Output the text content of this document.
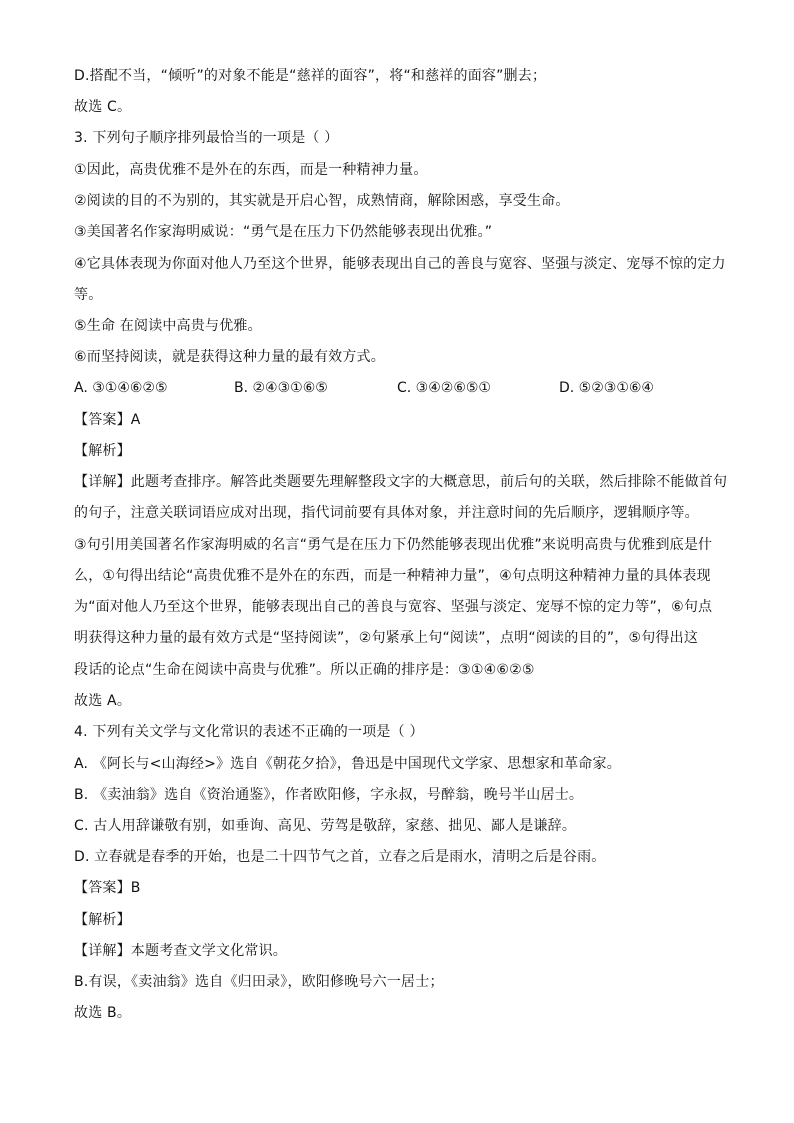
D.搭配不当，“倾听”的对象不能是“慈祥的面容”，将“和慈祥的面容”删去；
故选 C。
3. 下列句子顺序排列最恰当的一项是（ ）
①因此，高贵优雅不是外在的东西，而是一种精神力量。
②阅读的目的不为别的，其实就是开启心智，成熟情商，解除困惑，享受生命。
③美国著名作家海明威说：“勇气是在压力下仍然能够表现出优雅。”
④它具体表现为你面对他人乃至这个世界，能够表现出自己的善良与宽容、坚强与淡定、宠辱不惊的定力
等。
⑤生命 在阅读中高贵与优雅。
⑥而坚持阅读，就是获得这种力量的最有效方式。
A. ③①④⑥②⑤	B. ②④③①⑥⑤	C. ③④②⑥⑤①	D. ⑤②③①⑥④
【答案】A
【解析】
【详解】此题考查排序。解答此类题要先理解整段文字的大概意思，前后句的关联，然后排除不能做首句
的句子，注意关联词语应成对出现，指代词前要有具体对象，并注意时间的先后顺序，逻辑顺序等。
③句引用美国著名作家海明威的名言“勇气是在压力下仍然能够表现出优雅”来说明高贵与优雅到底是什
么，①句得出结论“高贵优雅不是外在的东西，而是一种精神力量”，④句点明这种精神力量的具体表现
为“面对他人乃至这个世界，能够表现出自己的善良与宽容、坚强与淡定、宠辱不惊的定力等”，⑥句点
明获得这种力量的最有效方式是“坚持阅读”，②句紧承上句“阅读”，点明“阅读的目的”，⑤句得出这
段话的论点“生命在阅读中高贵与优雅”。所以正确的排序是：③①④⑥②⑤
故选 A。
4. 下列有关文学与文化常识的表述不正确的一项是（ ）
A. 《阿长与<山海经>》选自《朝花夕拾》，鲁迅是中国现代文学家、思想家和革命家。
B. 《卖油翁》选自《资治通鉴》，作者欧阳修，字永叔，号醉翁，晚号半山居士。
C. 古人用辞谦敬有别，如垂询、高见、劳驾是敬辞，家慈、拙见、鄙人是谦辞。
D. 立春就是春季的开始，也是二十四节气之首，立春之后是雨水，清明之后是谷雨。
【答案】B
【解析】
【详解】本题考查文学文化常识。
B.有误，《卖油翁》选自《归田录》，欧阳修晚号六一居士；
故选 B。
